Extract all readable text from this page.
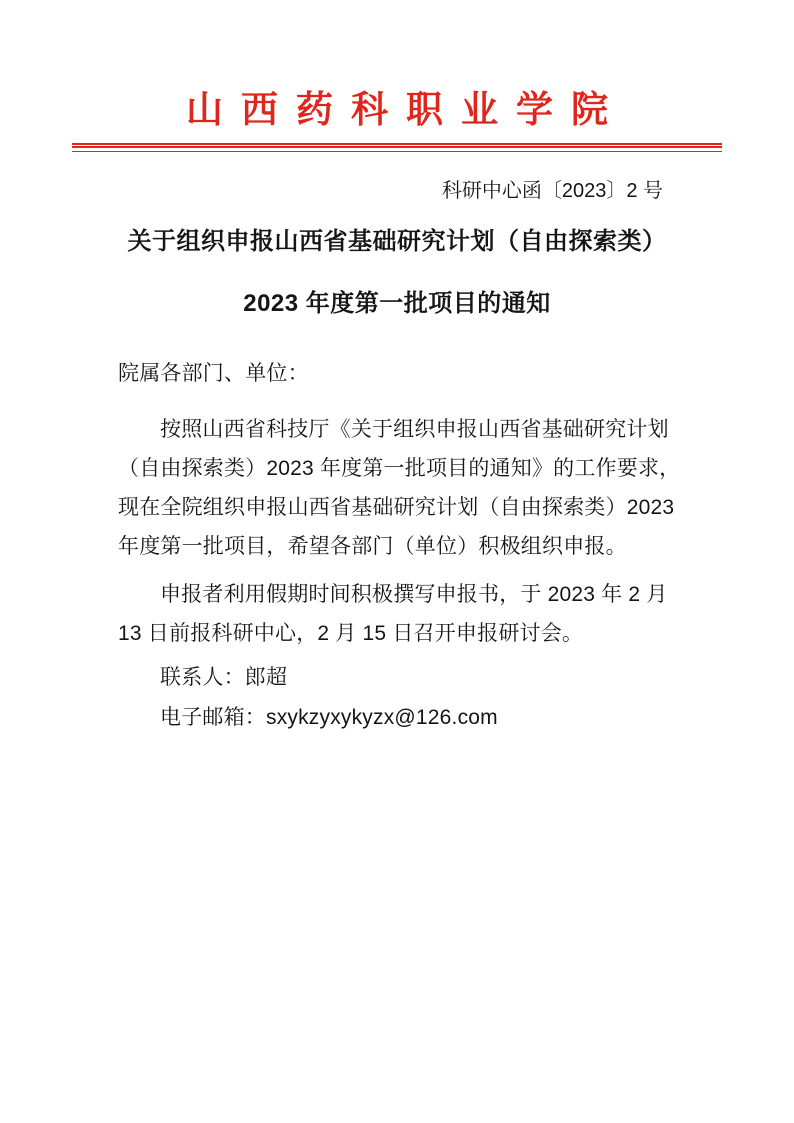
山西药科职业学院
科研中心函〔2023〕2 号
关于组织申报山西省基础研究计划（自由探索类）
2023 年度第一批项目的通知
院属各部门、单位：
按照山西省科技厅《关于组织申报山西省基础研究计划
（自由探索类）2023 年度第一批项目的通知》的工作要求，
现在全院组织申报山西省基础研究计划（自由探索类）2023
年度第一批项目，希望各部门（单位）积极组织申报。
申报者利用假期时间积极撰写申报书，于 2023 年 2 月
13 日前报科研中心，2 月 15 日召开申报研讨会。
联系人：郎超
电子邮箱：sxykzyxykyzx@126.com
